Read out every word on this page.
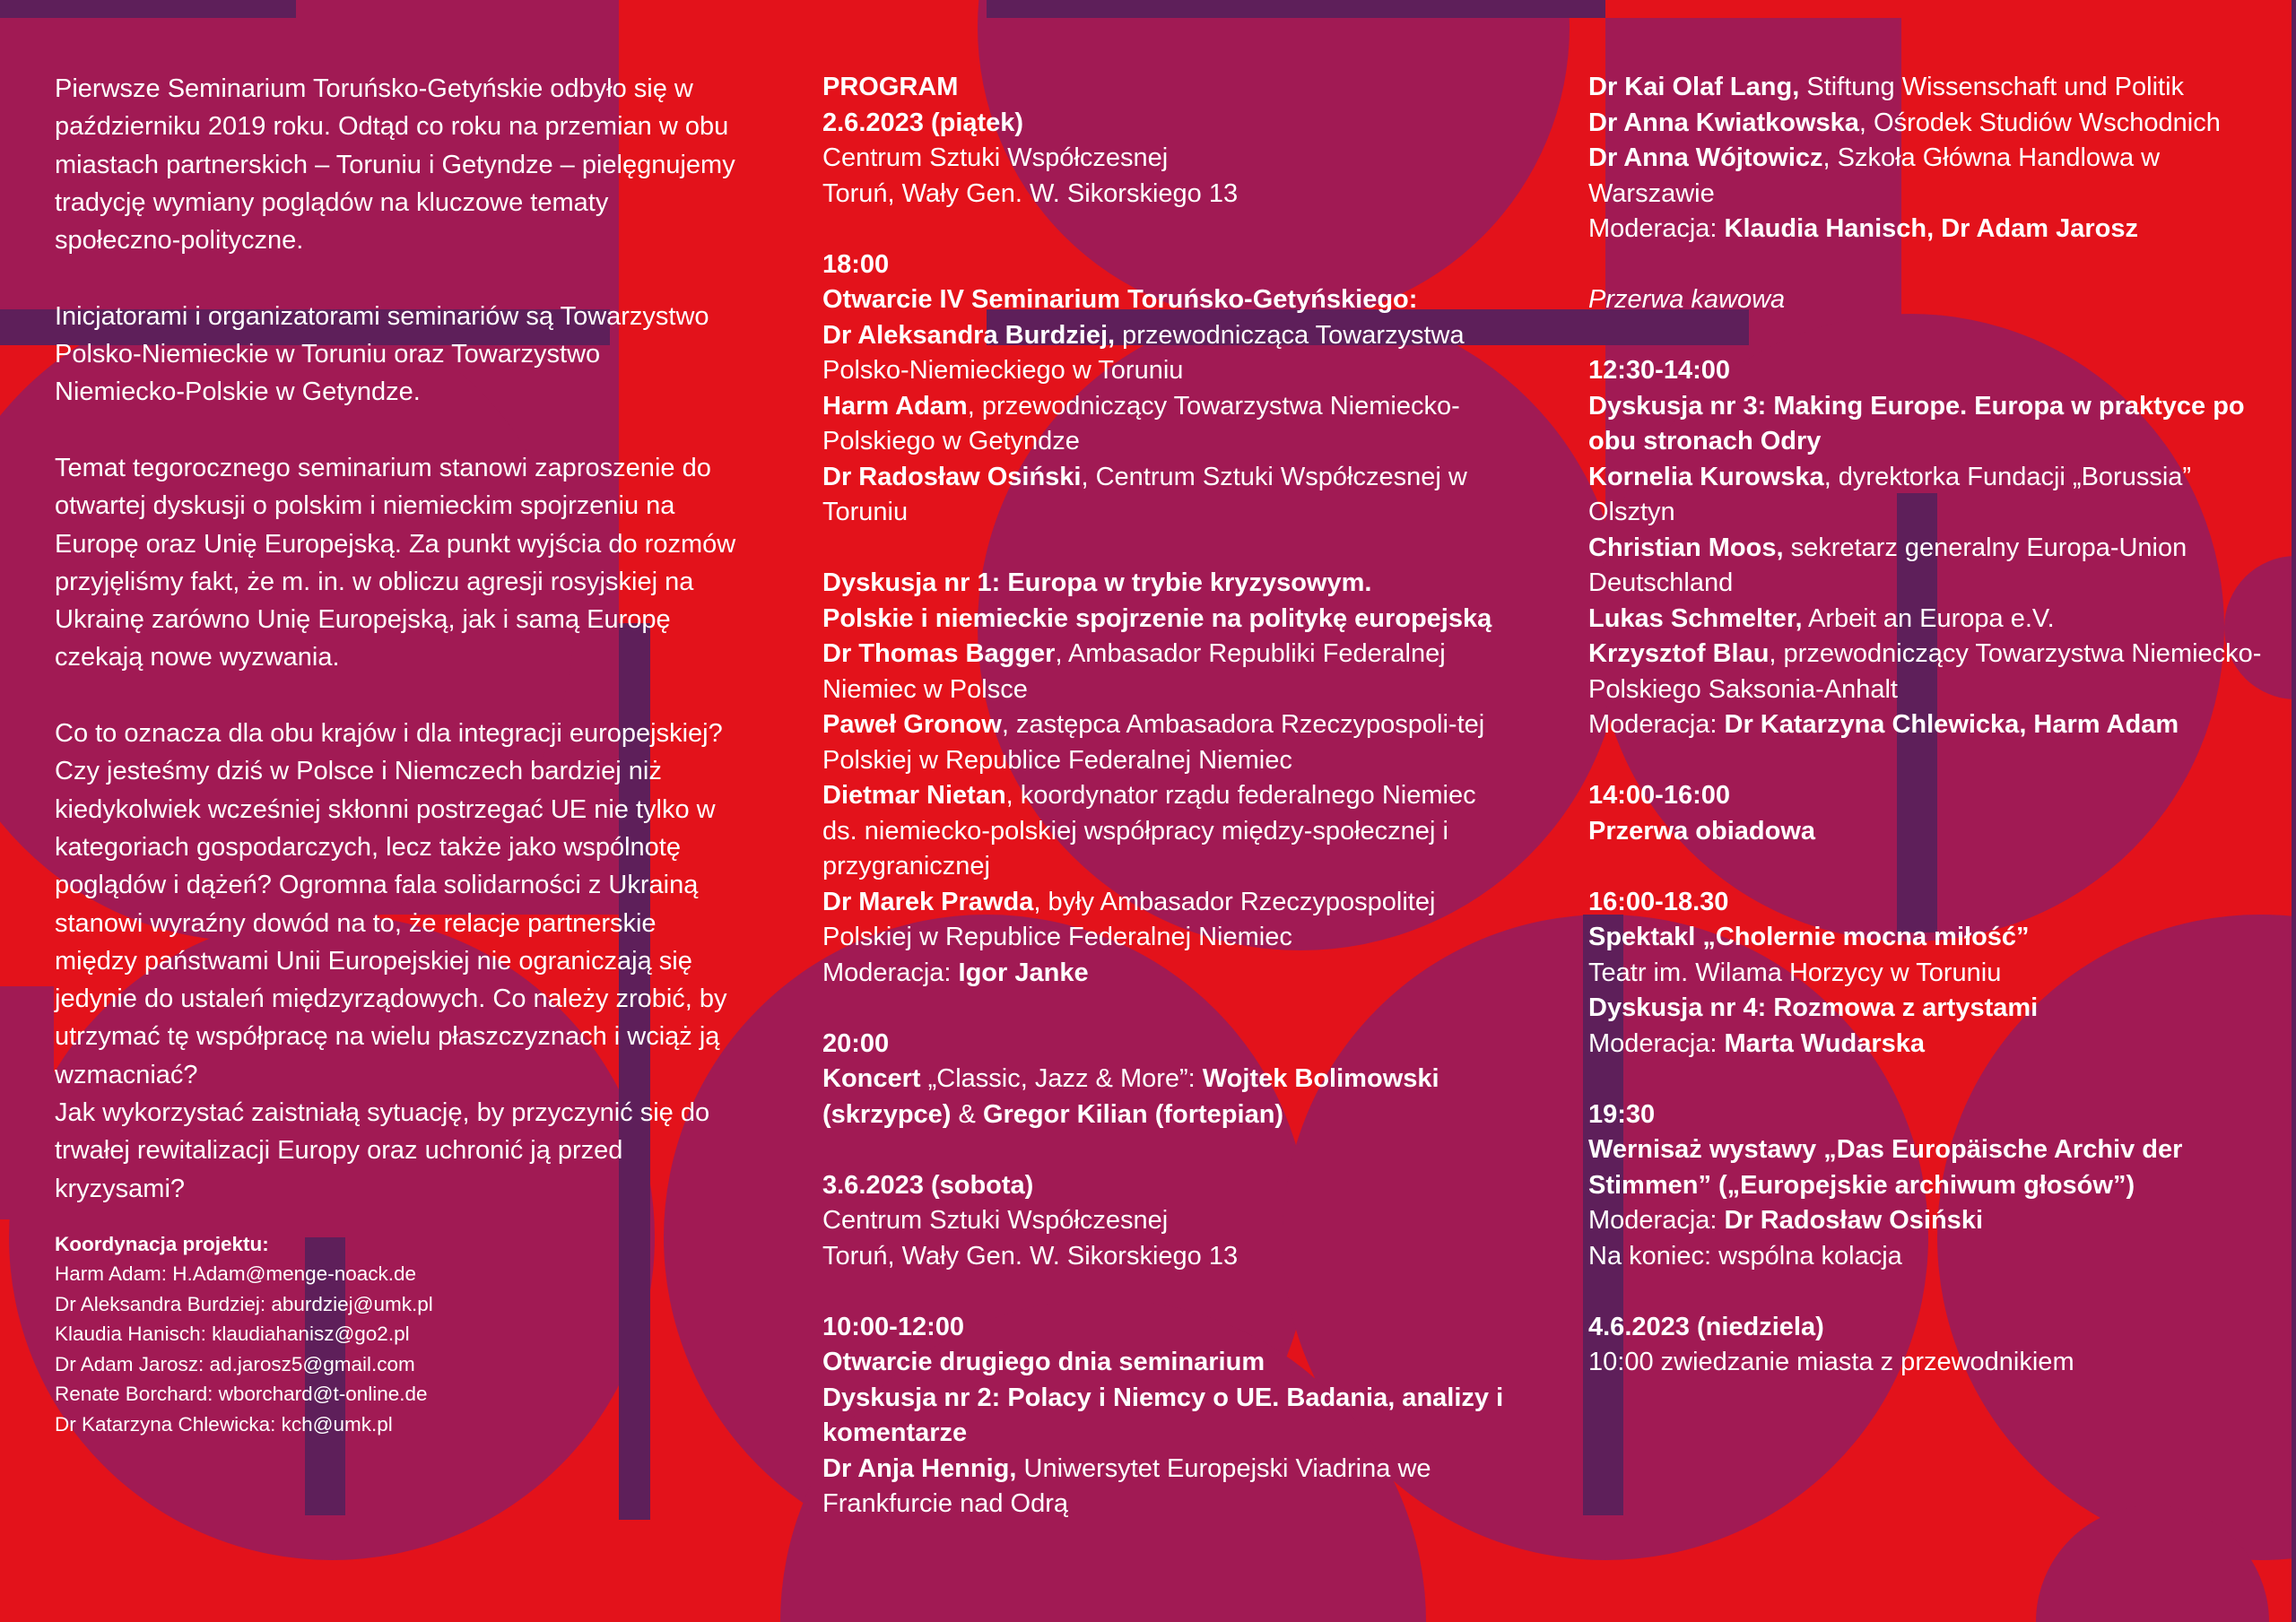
Pierwsze Seminarium Toruńsko-Getyńskie odbyło się w październiku 2019 roku. Odtąd co roku na przemian w obu miastach partnerskich – Toruniu i Getyndze – pielęgnujemy tradycję wymiany poglądów na kluczowe tematy społeczno-polityczne.

Inicjatorami i organizatorami seminariów są Towarzystwo Polsko-Niemieckie w Toruniu oraz Towarzystwo Niemiecko-Polskie w Getyndze.

Temat tegorocznego seminarium stanowi zaproszenie do otwartej dyskusji o polskim i niemieckim spojrzeniu na Europę oraz Unię Europejską. Za punkt wyjścia do rozmów przyjęliśmy fakt, że m. in. w obliczu agresji rosyjskiej na Ukrainę zarówno Unię Europejską, jak i samą Europę czekają nowe wyzwania.

Co to oznacza dla obu krajów i dla integracji europejskiej? Czy jesteśmy dziś w Polsce i Niemczech bardziej niż kiedykolwiek wcześniej skłonni postrzegać UE nie tylko w kategoriach gospodarczych, lecz także jako wspólnotę poglądów i dążeń? Ogromna fala solidarności z Ukrainą stanowi wyraźny dowód na to, że relacje partnerskie między państwami Unii Europejskiej nie ograniczają się jedynie do ustaleń międzyrządowych. Co należy zrobić, by utrzymać tę współpracę na wielu płaszczyznach i wciąż ją wzmacniać?

Jak wykorzystać zaistniałą sytuację, by przyczynić się do trwałej rewitalizacji Europy oraz uchronić ją przed kryzysami?

Koordynacja projektu:
Harm Adam: H.Adam@menge-noack.de
Dr Aleksandra Burdziej: aburdziej@umk.pl
Klaudia Hanisch: klaudiahanisz@go2.pl
Dr Adam Jarosz: ad.jarosz5@gmail.com
Renate Borchard: wborchard@t-online.de
Dr Katarzyna Chlewicka: kch@umk.pl

PROGRAM

2.6.2023 (piątek)

Centrum Sztuki Współczesnej

Toruń, Wały Gen. W. Sikorskiego 13

18:00

Otwarcie IV Seminarium Toruńsko-Getyńskiego:

Dr Aleksandra Burdziej, przewodnicząca Towarzystwa Polsko-Niemieckiego w Toruniu

Harm Adam, przewodniczący Towarzystwa Niemiecko-Polskiego w Getyndze

Dr Radosław Osiński, Centrum Sztuki Współczesnej w Toruniu

Dyskusja nr 1: Europa w trybie kryzysowym.

Polskie i niemieckie spojrzenie na politykę europejską

Dr Thomas Bagger, Ambasador Republiki Federalnej Niemiec w Polsce

Paweł Gronow, zastępca Ambasadora Rzeczypospoli-tej Polskiej w Republice Federalnej Niemiec

Dietmar Nietan, koordynator rządu federalnego Niemiec ds. niemiecko-polskiej współpracy między-społecznej i przygranicznej

Dr Marek Prawda, były Ambasador Rzeczypospolitej Polskiej w Republice Federalnej Niemiec

Moderacja: Igor Janke

20:00

Koncert „Classic, Jazz & More”: Wojtek Bolimowski (skrzypce) & Gregor Kilian (fortepian)

3.6.2023 (sobota)

Centrum Sztuki Współczesnej

Toruń, Wały Gen. W. Sikorskiego 13

10:00-12:00

Otwarcie drugiego dnia seminarium

Dyskusja nr 2: Polacy i Niemcy o UE. Badania, analizy i komentarze

Dr Anja Hennig, Uniwersytet Europejski Viadrina we Frankfurcie nad Odrą

Dr Kai Olaf Lang, Stiftung Wissenschaft und Politik

Dr Anna Kwiatkowska, Ośrodek Studiów Wschodnich

Dr Anna Wójtowicz, Szkoła Główna Handlowa w Warszawie

Moderacja: Klaudia Hanisch, Dr Adam Jarosz

Przerwa kawowa

12:30-14:00

Dyskusja nr 3: Making Europe. Europa w praktyce po obu stronach Odry

Kornelia Kurowska, dyrektorka Fundacji „Borussia” Olsztyn

Christian Moos, sekretarz generalny Europa-Union Deutschland

Lukas Schmelter, Arbeit an Europa e.V.

Krzysztof Blau, przewodniczący Towarzystwa Niemiecko-Polskiego Saksonia-Anhalt

Moderacja: Dr Katarzyna Chlewicka, Harm Adam

14:00-16:00

Przerwa obiadowa

16:00-18.30

Spektakl „Cholernie mocna miłość”

Teatr im. Wilama Horzycy w Toruniu

Dyskusja nr 4: Rozmowa z artystami

Moderacja: Marta Wudarska

19:30

Wernisaż wystawy „Das Europäische Archiv der Stimmen” („Europejskie archiwum głosów”)

Moderacja: Dr Radosław Osiński

Na koniec: wspólna kolacja

4.6.2023 (niedziela)

10:00 zwiedzanie miasta z przewodnikiem
